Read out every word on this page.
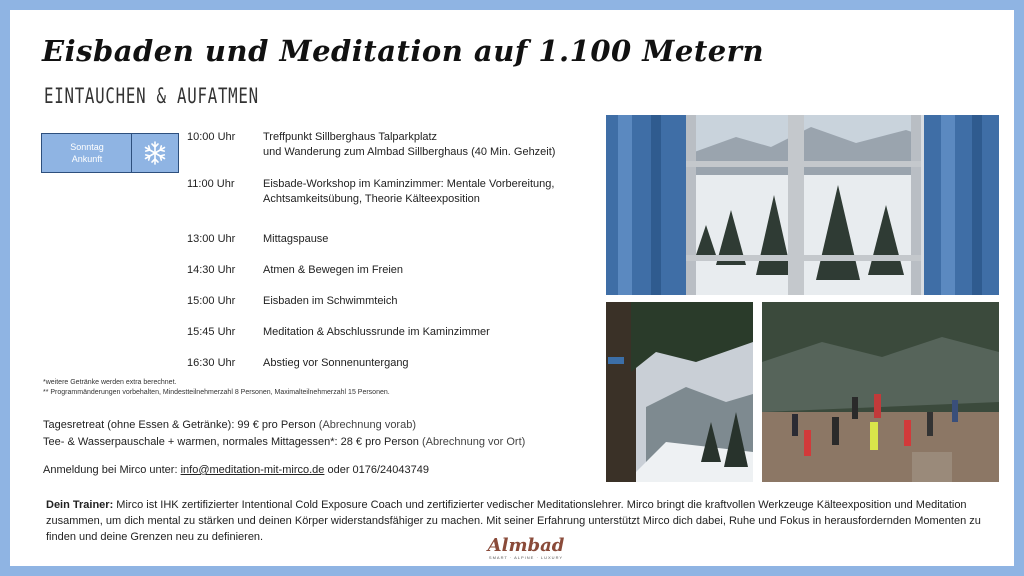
Eisbaden und Meditation auf 1.100 Metern
EINTAUCHEN & AUFATMEN
Sonntag
Ankunft
10:00 Uhr	Treffpunkt Sillberghaus Talparkplatz
und Wanderung zum Almbad Sillberghaus (40 Min. Gehzeit)
11:00 Uhr	Eisbade-Workshop im Kaminzimmer: Mentale Vorbereitung,
Achtsamkeitsübung, Theorie Kälteexposition
13:00 Uhr	Mittagspause
14:30 Uhr	Atmen & Bewegen im Freien
15:00 Uhr	Eisbaden im Schwimmteich
15:45 Uhr	Meditation & Abschlussrunde im Kaminzimmer
16:30 Uhr	Abstieg vor Sonnenuntergang
*weitere Getränke werden extra berechnet.
** Programmänderungen vorbehalten, Mindestteilnehmerzahl 8 Personen, Maximalteilnehmerzahl 15 Personen.
Tagesretreat (ohne Essen & Getränke): 99 € pro Person (Abrechnung vorab)
Tee- & Wasserpauschale + warmen, normales Mittagessen*: 28 € pro Person (Abrechnung vor Ort)
Anmeldung bei Mirco unter: info@meditation-mit-mirco.de oder 0176/24043749
Dein Trainer: Mirco ist IHK zertifizierter Intentional Cold Exposure Coach und zertifizierter vedischer Meditationslehrer. Mirco bringt die kraftvollen Werkzeuge Kälteexposition und Meditation zusammen, um dich mental zu stärken und deinen Körper widerstandsfähiger zu machen. Mit seiner Erfahrung unterstützt Mirco dich dabei, Ruhe und Fokus in herausfordernden Momenten zu finden und deine Grenzen neu zu definieren.	Almbad
SMART · ALPINE · LUXURY
